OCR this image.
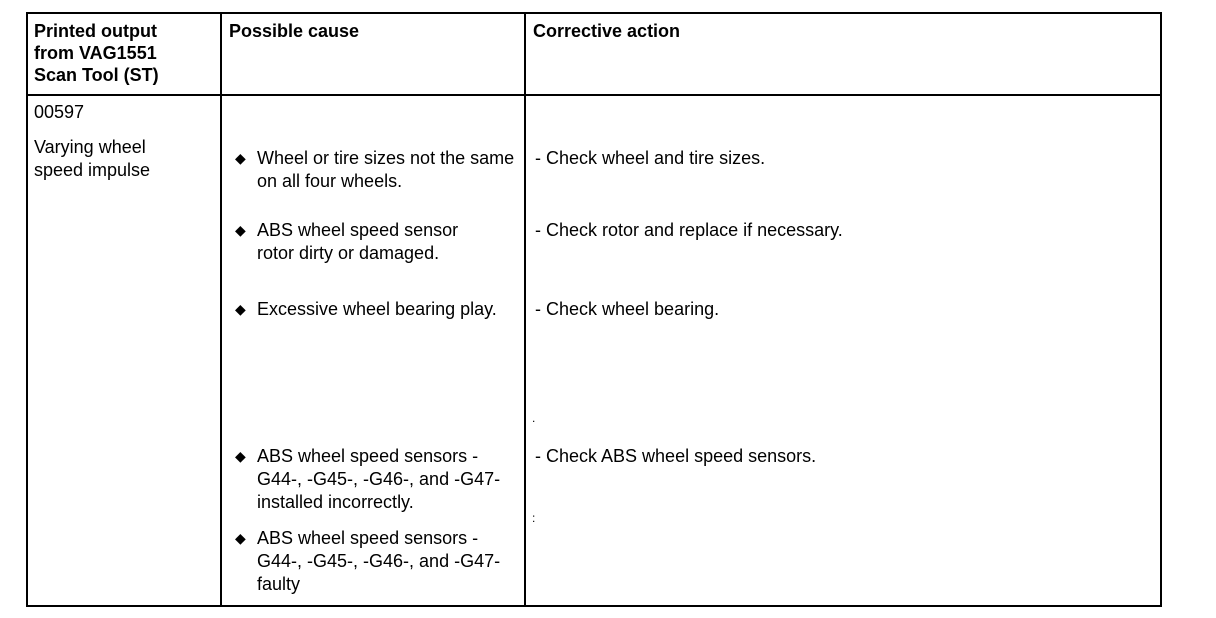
Printed output from VAG1551 Scan Tool (ST)
Possible cause	Corrective action
00597
Varying wheel speed impulse
◆ Wheel or tire sizes not the same on all four wheels.
◆ ABS wheel speed sensor rotor dirty or damaged.
◆ Excessive wheel bearing play.
◆ ABS wheel speed sensors -G44-, -G45-, -G46-, and -G47- installed incorrectly.
◆ ABS wheel speed sensors -G44-, -G45-, -G46-, and -G47- faulty
- Check wheel and tire sizes.
- Check rotor and replace if necessary.
- Check wheel bearing.
- Check ABS wheel speed sensors.
.
:
